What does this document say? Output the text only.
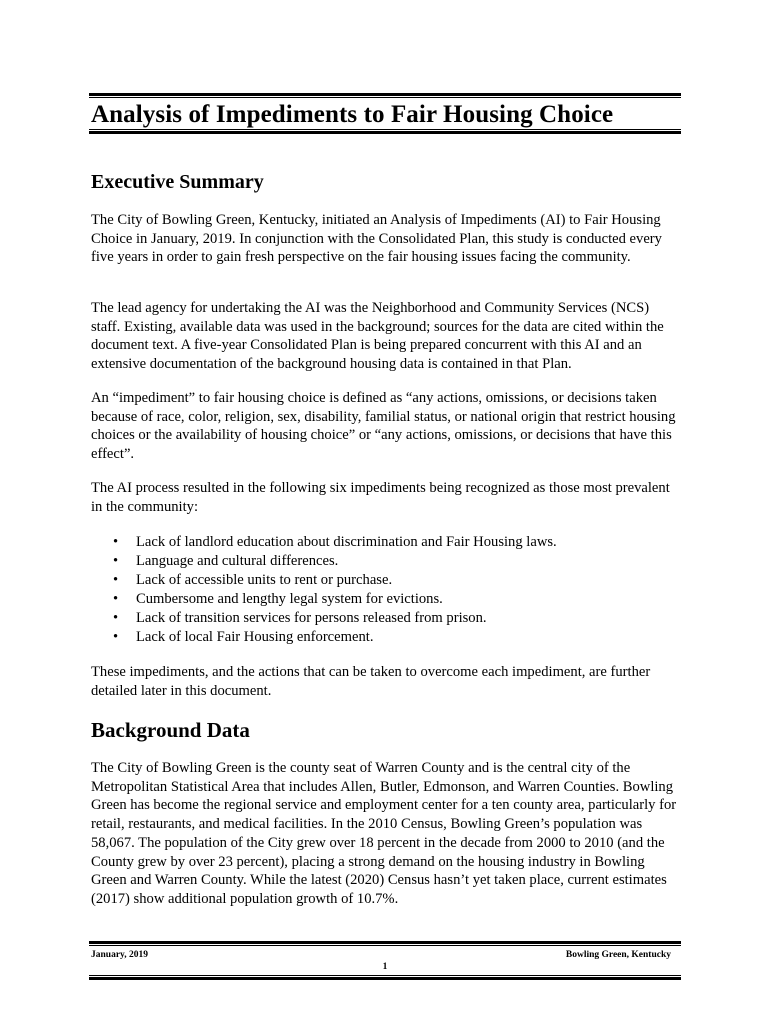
Analysis of Impediments to Fair Housing Choice
Executive Summary

The City of Bowling Green, Kentucky, initiated an Analysis of Impediments (AI) to Fair Housing Choice in January, 2019. In conjunction with the Consolidated Plan, this study is conducted every five years in order to gain fresh perspective on the fair housing issues facing the community.

The lead agency for undertaking the AI was the Neighborhood and Community Services (NCS) staff. Existing, available data was used in the background; sources for the data are cited within the document text. A five-year Consolidated Plan is being prepared concurrent with this AI and an extensive documentation of the background housing data is contained in that Plan.

An “impediment” to fair housing choice is defined as “any actions, omissions, or decisions taken because of race, color, religion, sex, disability, familial status, or national origin that restrict housing choices or the availability of housing choice” or “any actions, omissions, or decisions that have this effect”.

The AI process resulted in the following six impediments being recognized as those most prevalent in the community:

• Lack of landlord education about discrimination and Fair Housing laws.
• Language and cultural differences.
• Lack of accessible units to rent or purchase.
• Cumbersome and lengthy legal system for evictions.
• Lack of transition services for persons released from prison.
• Lack of local Fair Housing enforcement.

These impediments, and the actions that can be taken to overcome each impediment, are further detailed later in this document.

Background Data

The City of Bowling Green is the county seat of Warren County and is the central city of the Metropolitan Statistical Area that includes Allen, Butler, Edmonson, and Warren Counties. Bowling Green has become the regional service and employment center for a ten county area, particularly for retail, restaurants, and medical facilities. In the 2010 Census, Bowling Green’s population was 58,067. The population of the City grew over 18 percent in the decade from 2000 to 2010 (and the County grew by over 23 percent), placing a strong demand on the housing industry in Bowling Green and Warren County. While the latest (2020) Census hasn’t yet taken place, current estimates (2017) show additional population growth of 10.7%.

January, 2019	Bowling Green, Kentucky
1
